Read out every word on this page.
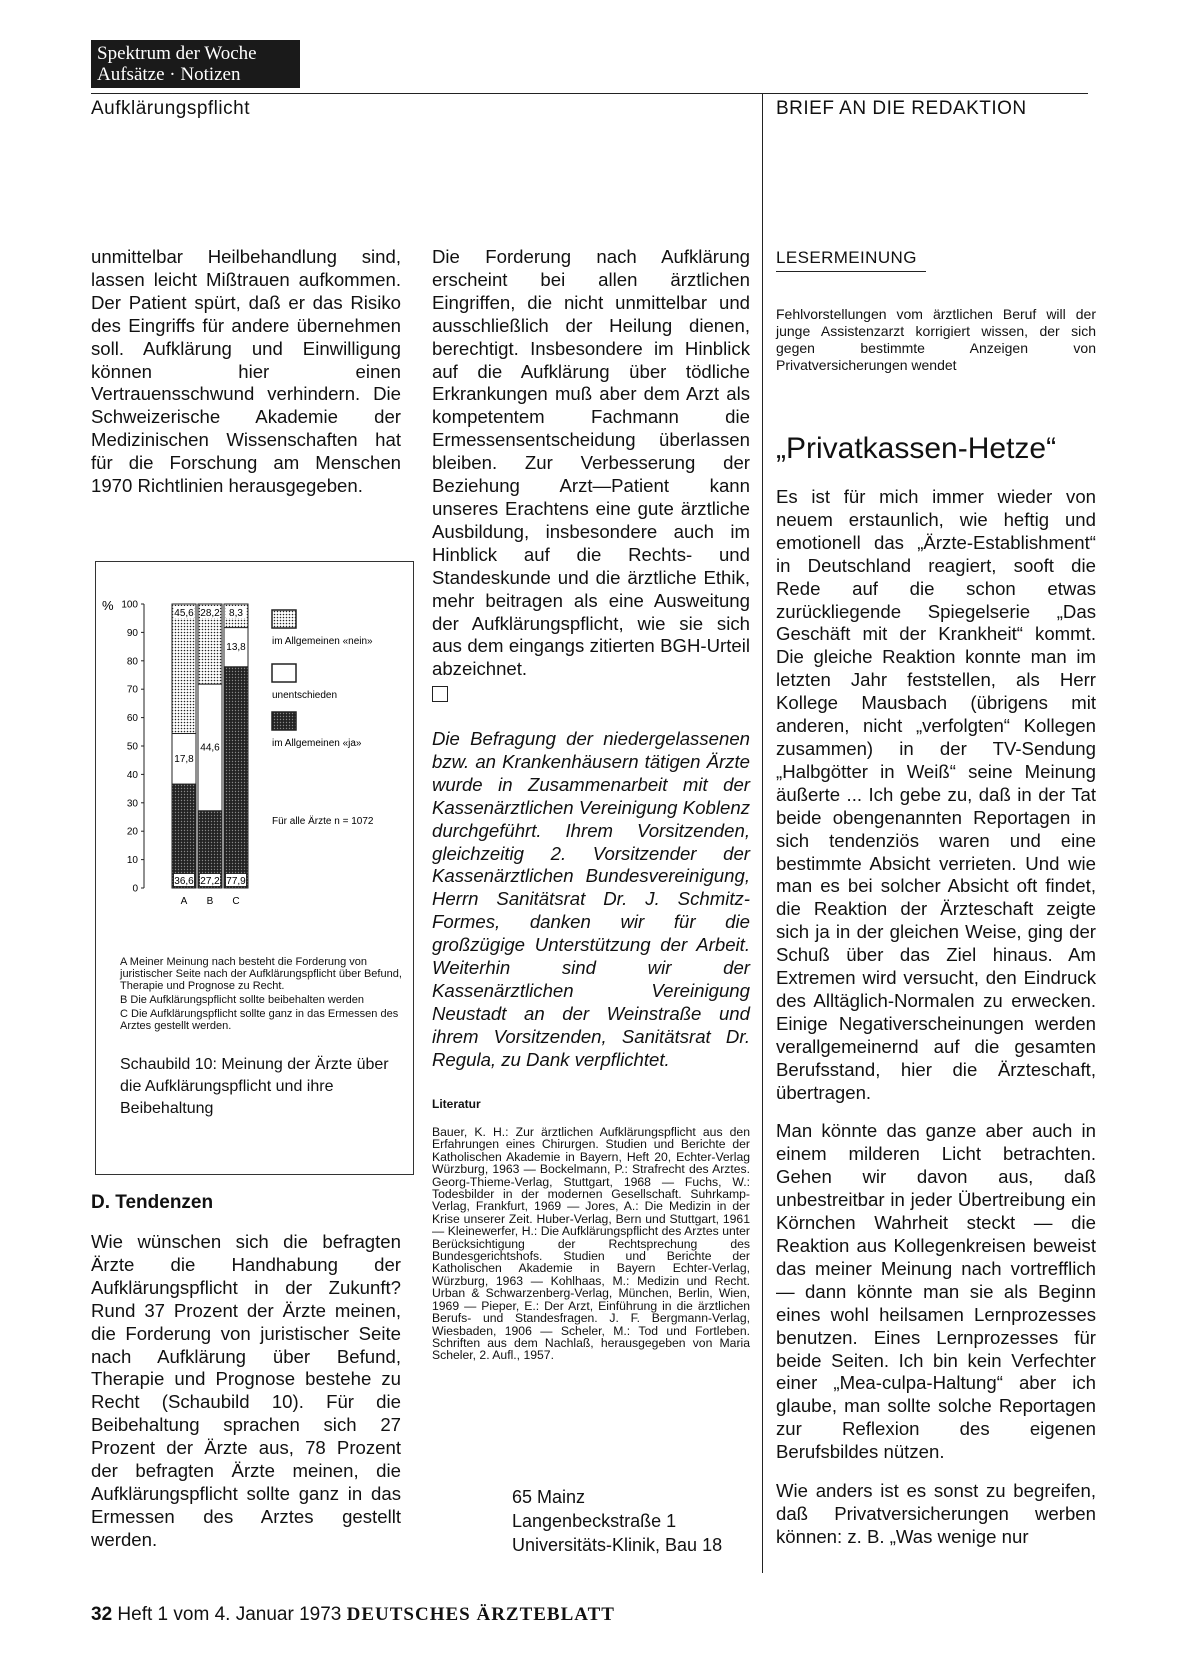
Spektrum der Woche
Aufsätze · Notizen
Aufklärungspflicht	BRIEF AN DIE REDAKTION

unmittelbar Heilbehandlung sind, lassen leicht Mißtrauen aufkommen. Der Patient spürt, daß er das Risiko des Eingriffs für andere übernehmen soll. Aufklärung und Einwilligung können hier einen Vertrauensschwund verhindern. Die Schweizerische Akademie der Medizinischen Wissenschaften hat für die Forschung am Menschen 1970 Richtlinien herausgegeben.

%
0
10
20
30
40
50
60
70
80
90
100
36,6
17,8
45,6
A
27,2
44,6
28,2
B
77,9
13,8
8,3
C
im Allgemeinen «nein»
unentschieden
im Allgemeinen «ja»
Für alle Ärzte n = 1072
A Meiner Meinung nach besteht die Forderung von juristischer Seite nach der Aufklärungspflicht über Befund, Therapie und Prognose zu Recht.
B Die Aufklärungspflicht sollte beibehalten werden
C Die Aufklärungspflicht sollte ganz in das Ermessen des Arztes gestellt werden.
Schaubild 10: Meinung der Ärzte über die Aufklärungspflicht und ihre Beibehaltung
D. Tendenzen

Wie wünschen sich die befragten Ärzte die Handhabung der Aufklärungspflicht in der Zukunft? Rund 37 Prozent der Ärzte meinen, die Forderung von juristischer Seite nach Aufklärung über Befund, Therapie und Prognose bestehe zu Recht (Schaubild 10). Für die Beibehaltung sprachen sich 27 Prozent der Ärzte aus, 78 Prozent der befragten Ärzte meinen, die Aufklärungspflicht sollte ganz in das Ermessen des Arztes gestellt werden.

Die Forderung nach Aufklärung erscheint bei allen ärztlichen Eingriffen, die nicht unmittelbar und ausschließlich der Heilung dienen, berechtigt. Insbesondere im Hinblick auf die Aufklärung über tödliche Erkrankungen muß aber dem Arzt als kompetentem Fachmann die Ermessensentscheidung überlassen bleiben. Zur Verbesserung der Beziehung Arzt—Patient kann unseres Erachtens eine gute ärztliche Ausbildung, insbesondere auch im Hinblick auf die Rechts- und Standeskunde und die ärztliche Ethik, mehr beitragen als eine Ausweitung der Aufklärungspflicht, wie sie sich aus dem eingangs zitierten BGH-Urteil abzeichnet.

Die Befragung der niedergelassenen bzw. an Krankenhäusern tätigen Ärzte wurde in Zusammenarbeit mit der Kassenärztlichen Vereinigung Koblenz durchgeführt. Ihrem Vorsitzenden, gleichzeitig 2. Vorsitzender der Kassenärztlichen Bundesvereinigung, Herrn Sanitätsrat Dr. J. Schmitz-Formes, danken wir für die großzügige Unterstützung der Arbeit. Weiterhin sind wir der Kassenärztlichen Vereinigung Neustadt an der Weinstraße und ihrem Vorsitzenden, Sanitätsrat Dr. Regula, zu Dank verpflichtet.

Literatur

Bauer, K. H.: Zur ärztlichen Aufklärungspflicht aus den Erfahrungen eines Chirurgen. Studien und Berichte der Katholischen Akademie in Bayern, Heft 20, Echter-Verlag Würzburg, 1963 — Bockelmann, P.: Strafrecht des Arztes. Georg-Thieme-Verlag, Stuttgart, 1968 — Fuchs, W.: Todesbilder in der modernen Gesellschaft. Suhrkamp-Verlag, Frankfurt, 1969 — Jores, A.: Die Medizin in der Krise unserer Zeit. Huber-Verlag, Bern und Stuttgart, 1961 — Kleinewerfer, H.: Die Aufklärungspflicht des Arztes unter Berücksichtigung der Rechtsprechung des Bundesgerichtshofs. Studien und Berichte der Katholischen Akademie in Bayern Echter-Verlag, Würzburg, 1963 — Kohlhaas, M.: Medizin und Recht. Urban & Schwarzenberg-Verlag, München, Berlin, Wien, 1969 — Pieper, E.: Der Arzt, Einführung in die ärztlichen Berufs- und Standesfragen. J. F. Bergmann-Verlag, Wiesbaden, 1906 — Scheler, M.: Tod und Fortleben. Schriften aus dem Nachlaß, herausgegeben von Maria Scheler, 2. Aufl., 1957.

65 Mainz
Langenbeckstraße 1
Universitäts-Klinik, Bau 18
LESERMEINUNG
Fehlvorstellungen vom ärztlichen Beruf will der junge Assistenzarzt korrigiert wissen, der sich gegen bestimmte Anzeigen von Privatversicherungen wendet
„Privatkassen-Hetze“

Es ist für mich immer wieder von neuem erstaunlich, wie heftig und emotionell das „Ärzte-Establishment“ in Deutschland reagiert, sooft die Rede auf die schon etwas zurückliegende Spiegelserie „Das Geschäft mit der Krankheit“ kommt. Die gleiche Reaktion konnte man im letzten Jahr feststellen, als Herr Kollege Mausbach (übrigens mit anderen, nicht „verfolgten“ Kollegen zusammen) in der TV-Sendung „Halbgötter in Weiß“ seine Meinung äußerte ... Ich gebe zu, daß in der Tat beide obengenannten Reportagen in sich tendenziös waren und eine bestimmte Absicht verrieten. Und wie man es bei solcher Absicht oft findet, die Reaktion der Ärzteschaft zeigte sich ja in der gleichen Weise, ging der Schuß über das Ziel hinaus. Am Extremen wird versucht, den Eindruck des Alltäglich-Normalen zu erwecken. Einige Negativerscheinungen werden verallgemeinernd auf die gesamten Berufsstand, hier die Ärzteschaft, übertragen.

Man könnte das ganze aber auch in einem milderen Licht betrachten. Gehen wir davon aus, daß unbestreitbar in jeder Übertreibung ein Körnchen Wahrheit steckt — die Reaktion aus Kollegenkreisen beweist das meiner Meinung nach vortrefflich — dann könnte man sie als Beginn eines wohl heilsamen Lernprozesses benutzen. Eines Lernprozesses für beide Seiten. Ich bin kein Verfechter einer „Mea-culpa-Haltung“ aber ich glaube, man sollte solche Reportagen zur Reflexion des eigenen Berufsbildes nützen.

Wie anders ist es sonst zu begreifen, daß Privatversicherungen werben können: z. B. „Was wenige nur

32 Heft 1 vom 4. Januar 1973 DEUTSCHES ÄRZTEBLATT
